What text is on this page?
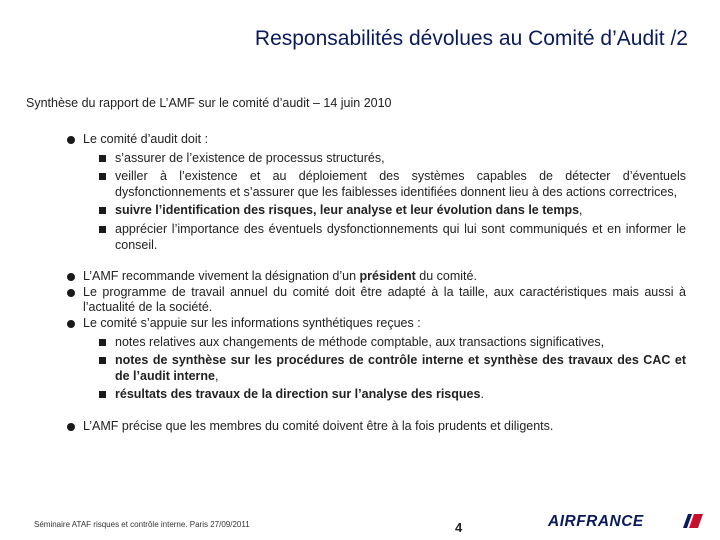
Responsabilités dévolues au Comité d’Audit /2
Synthèse du rapport de L’AMF sur le comité d’audit – 14 juin 2010
Le comité d’audit doit :
s’assurer de l’existence de processus structurés,
veiller à l’existence et au déploiement des systèmes capables de détecter d’éventuels dysfonctionnements et s’assurer que les faiblesses identifiées donnent lieu à des actions correctrices,
suivre l’identification des risques, leur analyse et leur évolution dans le temps,
apprécier l’importance des éventuels dysfonctionnements qui lui sont communiqués et en informer le conseil.
L’AMF recommande vivement la désignation d’un président du comité.
Le programme de travail annuel du comité doit être adapté à la taille, aux caractéristiques mais aussi à l’actualité de la société.
Le comité s’appuie sur les informations synthétiques reçues :
notes relatives aux changements de méthode comptable, aux transactions significatives,
notes de synthèse sur les procédures de contrôle interne et synthèse des travaux des CAC et de l’audit interne,
résultats des travaux de la direction sur l’analyse des risques.
L’AMF précise que les membres du comité doivent être à la fois prudents et diligents.
Séminaire ATAF risques et contrôle interne. Paris 27/09/2011	4	AIRFRANCE
